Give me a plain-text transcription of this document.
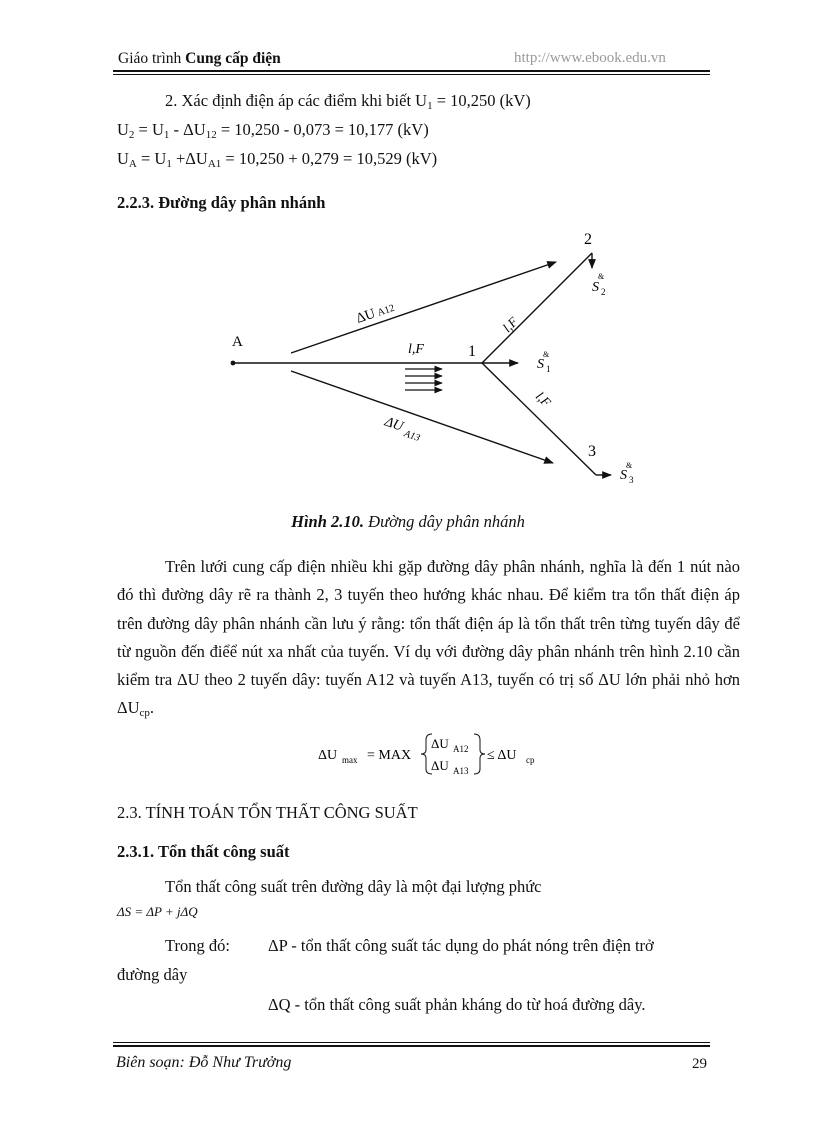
Giáo trình Cung cấp điện	http://www.ebook.edu.vn
2. Xác định điện áp các điểm khi biết $U_1 = 10,250$ (kV)
$U_2 = U_1 - \Delta U_{12} = 10,250 - 0,073 = 10,177$ (kV)
$U_A = U_1 +\Delta U_{A1} = 10,250 + 0,279 = 10,529$ (kV)
2.2.3. Đường dây phân nhánh
A
1
2
3
l,F
l,F
l,F
ΔU
A12
ΔU
A13
S 2
&
S 1
&
S 3
&
Hình 2.10. Đường dây phân nhánh
Trên lưới cung cấp điện nhiều khi gặp đường dây phân nhánh, nghĩa là đến 1 nút nào đó thì đường dây rẽ ra thành 2, 3 tuyến theo hướng khác nhau. Để kiểm tra tổn thất điện áp trên đường dây phân nhánh cần lưu ý rằng: tổn thất điện áp là tổn thất trên từng tuyến dây để từ nguồn đến điểể nút xa nhất của tuyến. Ví dụ với đường dây phân nhánh trên hình 2.10 cần kiểm tra ΔU theo 2 tuyến dây: tuyến A12 và tuyến A13, tuyến có trị số ΔU lớn phải nhỏ hơn $\Delta U_{cp}$.
ΔU max = MAX
ΔU A12
ΔU A13
≤ ΔU cp
2.3. TÍNH TOÁN TỔN THẤT CÔNG SUẤT
2.3.1. Tổn thất công suất
Tổn thất công suất trên đường dây là một đại lượng phức
ΔS = ΔP + jΔQ
Trong đó: ΔP - tổn thất công suất tác dụng do phát nóng trên điện trở
đường dây
ΔQ - tổn thất công suất phản kháng do từ hoá đường dây.
Biên soạn: Đỗ Như Trưởng	29
